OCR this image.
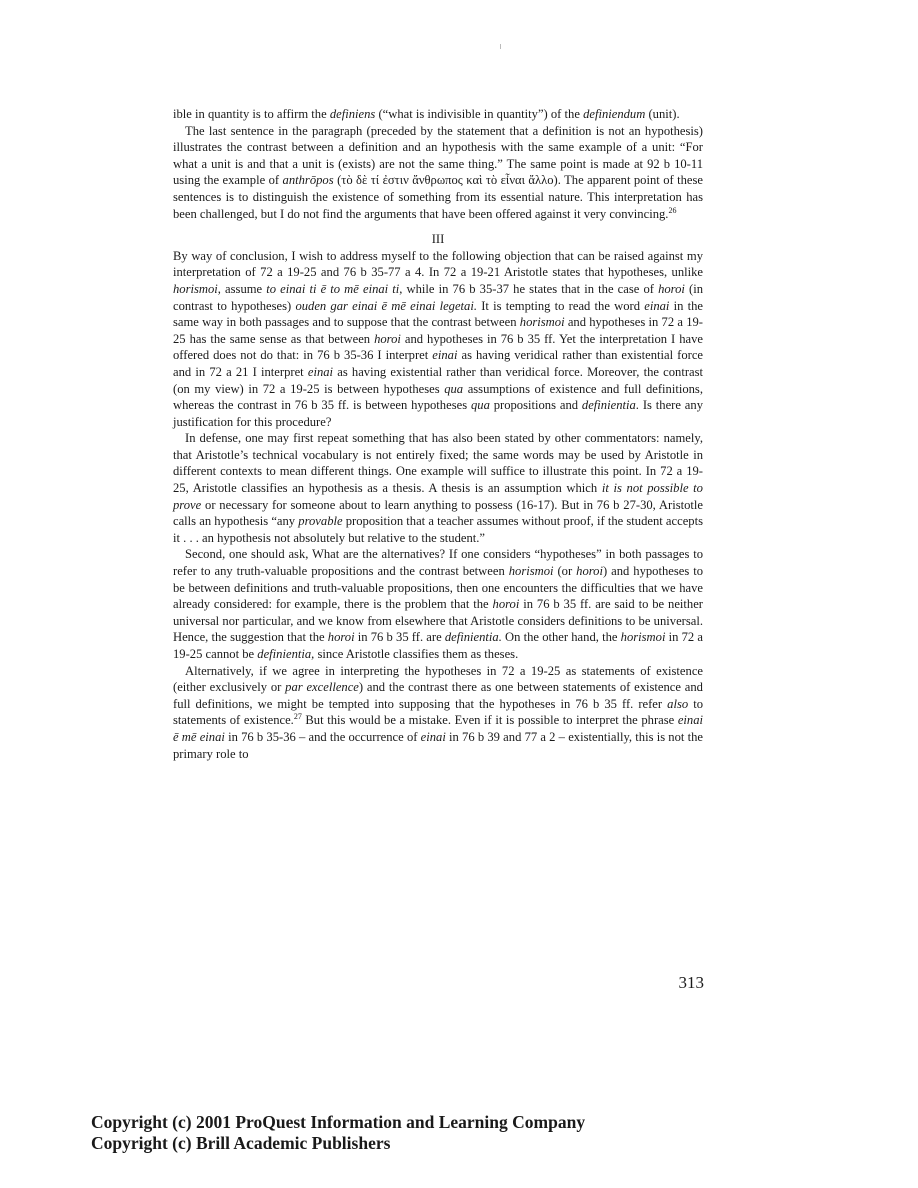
ible in quantity is to affirm the definiens (“what is indivisible in quantity”) of the definiendum (unit).

The last sentence in the paragraph (preceded by the statement that a definition is not an hypothesis) illustrates the contrast between a definition and an hypothesis with the same example of a unit: “For what a unit is and that a unit is (exists) are not the same thing.” The same point is made at 92 b 10-11 using the example of anthrōpos (τὸ δὲ τί ἐστιν ἄνθρωπος καὶ τὸ εἶναι ἄλλο). The apparent point of these sentences is to distinguish the existence of something from its essential nature. This interpretation has been challenged, but I do not find the arguments that have been offered against it very convincing.$^{26}$

III

By way of conclusion, I wish to address myself to the following objection that can be raised against my interpretation of 72 a 19-25 and 76 b 35-77 a 4. In 72 a 19-21 Aristotle states that hypotheses, unlike horismoi, assume to einai ti ē to mē einai ti, while in 76 b 35-37 he states that in the case of horoi (in contrast to hypotheses) ouden gar einai ē mē einai legetai. It is tempting to read the word einai in the same way in both passages and to suppose that the contrast between horismoi and hypotheses in 72 a 19-25 has the same sense as that between horoi and hypotheses in 76 b 35 ff. Yet the interpretation I have offered does not do that: in 76 b 35-36 I interpret einai as having veridical rather than existential force and in 72 a 21 I interpret einai as having existential rather than veridical force. Moreover, the contrast (on my view) in 72 a 19-25 is between hypotheses qua assumptions of existence and full definitions, whereas the contrast in 76 b 35 ff. is between hypotheses qua propositions and definientia. Is there any justification for this procedure?

In defense, one may first repeat something that has also been stated by other commentators: namely, that Aristotle’s technical vocabulary is not entirely fixed; the same words may be used by Aristotle in different contexts to mean different things. One example will suffice to illustrate this point. In 72 a 19-25, Aristotle classifies an hypothesis as a thesis. A thesis is an assumption which it is not possible to prove or necessary for someone about to learn anything to possess (16-17). But in 76 b 27-30, Aristotle calls an hypothesis “any provable proposition that a teacher assumes without proof, if the student accepts it . . . an hypothesis not absolutely but relative to the student.”

Second, one should ask, What are the alternatives? If one considers “hypotheses” in both passages to refer to any truth-valuable propositions and the contrast between horismoi (or horoi) and hypotheses to be between definitions and truth-valuable propositions, then one encounters the difficulties that we have already considered: for example, there is the problem that the horoi in 76 b 35 ff. are said to be neither universal nor particular, and we know from elsewhere that Aristotle considers definitions to be universal. Hence, the suggestion that the horoi in 76 b 35 ff. are definientia. On the other hand, the horismoi in 72 a 19-25 cannot be definientia, since Aristotle classifies them as theses.

Alternatively, if we agree in interpreting the hypotheses in 72 a 19-25 as statements of existence (either exclusively or par excellence) and the contrast there as one between statements of existence and full definitions, we might be tempted into supposing that the hypotheses in 76 b 35 ff. refer also to statements of existence.$^{27}$ But this would be a mistake. Even if it is possible to interpret the phrase einai ē mē einai in 76 b 35-36 – and the occurrence of einai in 76 b 39 and 77 a 2 – existentially, this is not the primary role to

313
Copyright (c) 2001 ProQuest Information and Learning Company
Copyright (c) Brill Academic Publishers
